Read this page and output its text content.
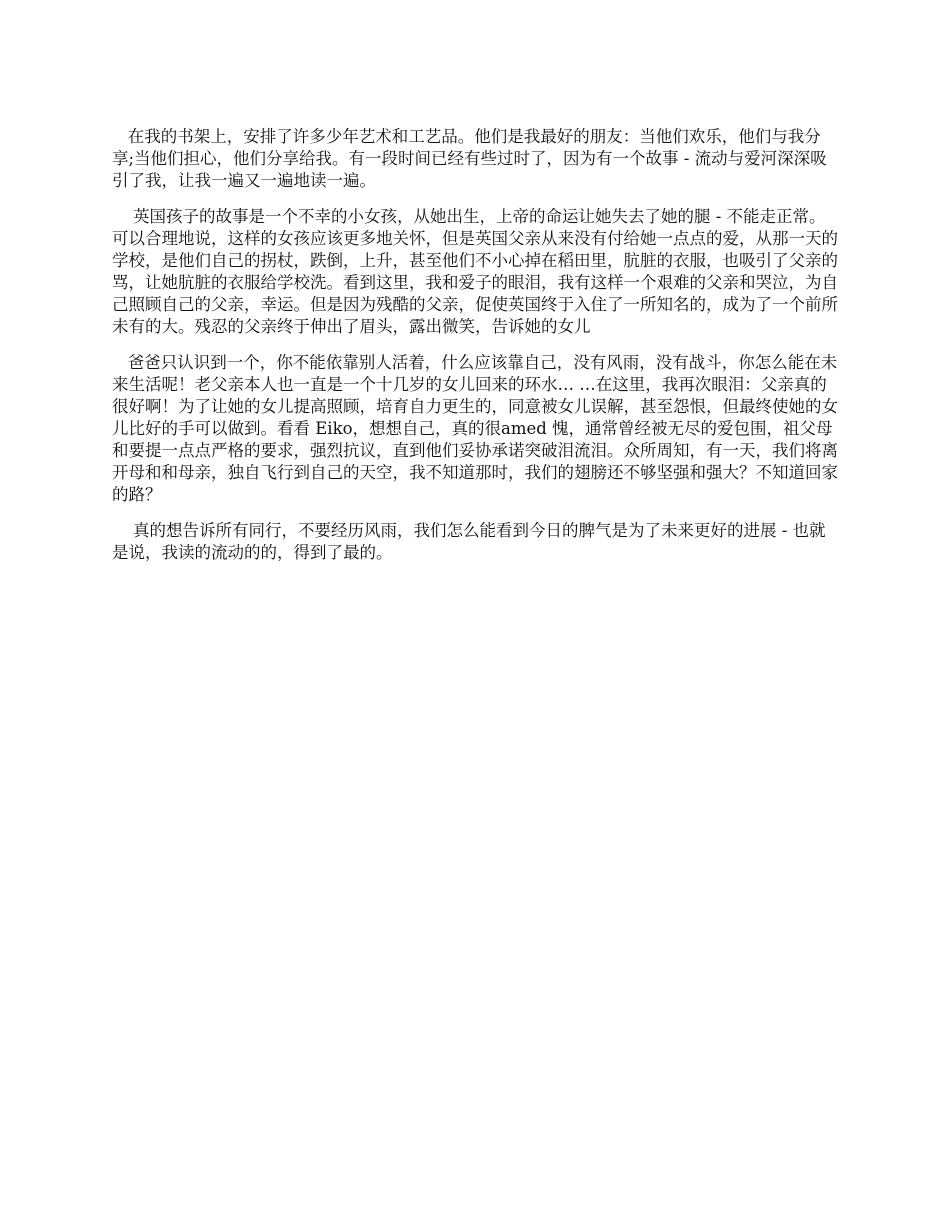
在我的书架上，安排了许多少年艺术和工艺品。他们是我最好的朋友：当他们欢乐，他们与我分享;当他们担心，他们分享给我。有一段时间已经有些过时了，因为有一个故事 - 流动与爱河深深吸引了我，让我一遍又一遍地读一遍。

英国孩子的故事是一个不幸的小女孩，从她出生，上帝的命运让她失去了她的腿 - 不能走正常。可以合理地说，这样的女孩应该更多地关怀，但是英国父亲从来没有付给她一点点的爱，从那一天的学校，是他们自己的拐杖，跌倒，上升，甚至他们不小心掉在稻田里，肮脏的衣服，也吸引了父亲的骂，让她肮脏的衣服给学校洗。看到这里，我和爱子的眼泪，我有这样一个艰难的父亲和哭泣，为自己照顾自己的父亲，幸运。但是因为残酷的父亲，促使英国终于入住了一所知名的，成为了一个前所未有的大。残忍的父亲终于伸出了眉头，露出微笑，告诉她的女儿

爸爸只认识到一个，你不能依靠别人活着，什么应该靠自己，没有风雨，没有战斗，你怎么能在未来生活呢！老父亲本人也一直是一个十几岁的女儿回来的环水… …在这里，我再次眼泪：父亲真的很好啊！为了让她的女儿提高照顾，培育自力更生的，同意被女儿误解，甚至怨恨，但最终使她的女儿比好的手可以做到。看看 Eiko，想想自己，真的很amed 愧，通常曾经被无尽的爱包围，祖父母和要提一点点严格的要求，强烈抗议，直到他们妥协承诺突破泪流泪。众所周知，有一天，我们将离开母和和母亲，独自飞行到自己的天空，我不知道那时，我们的翅膀还不够坚强和强大？不知道回家的路？

真的想告诉所有同行，不要经历风雨，我们怎么能看到今日的脾气是为了未来更好的进展 - 也就是说，我读的流动的的，得到了最的。
